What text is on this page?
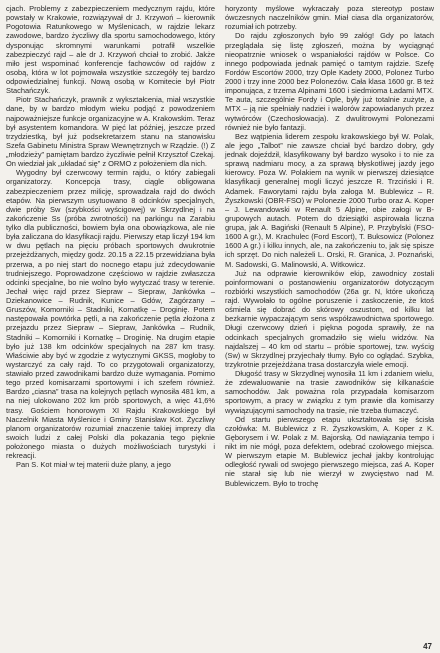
cjach. Problemy z zabezpieczeniem medycznym rajdu, które powstały w Krakowie, rozwiązywał dr J. Krzywoń – kierownik Pogotowia Ratunkowego w Myślenicach, w rajdzie lekarz zawodowe, bardzo życzliwy dla sportu samochodowego, który dysponując skromnymi warunkami potrafił wszelkie zabezpieczyć rajd – ale dr J. Krzywoń chciał to zrobić. Jakże miło jest wspominać konferencje fachowców od rajdów z osobą, która w lot pojmowała wszystkie szczegóły tej bardzo odpowiedzialnej funkcji. Nową osobą w Komitecie był Piotr Stachańczyk.

Piotr Stachańczyk, prawnik z wykształcenia, miał wszystkie dane, by w bardzo młodym wieku podjąć z powodzeniem najpoważniejsze funkcje organizacyjne w A. Krakowskim. Teraz był asystentem komandora. W pięć lat później, jeszcze przed trzydziestką, był już podsekretarzem stanu na stanowisku Szefa Gabinetu Ministra Spraw Wewnętrznych w Rządzie. (!) Z „młodzieży” pamiętam bardzo życzliwie pełnił Krzysztof Czekaj. On wiedział jak „układać się” z ORMO z położeniem dla nich.

Wygodny był czerwcowy termin rajdu, o który zabiegali organizatorzy. Koncepcja trasy, ciągle obligowana zabezpieczeniem przez milicję, sprowadzała rajd do dwóch etapów. Na pierwszym usytuowano 8 odcinków specjalnych, dwie próby Sw (szybkości wyścigowej) w Skrzydlnej i na zakończenie Ss (próba zwrotności) na parkingu na Zarabiu tylko dla publiczności, bowiem była ona obowiązkowa, ale nie była zaliczana do klasyfikacji rajdu. Pierwszy etap liczył 194 km w dwu pętlach na pięciu próbach sportowych dwukrotnie przejeżdżanych, między godz. 20.15 a 22.15 przewidziana była przerwa, a po niej start do nocnego etapu już zdecydowanie trudniejszego. Poprowadzone częściowo w rajdzie zwłaszcza odcinki specjalne, bo nie wolno było wytyczać trasy w terenie. Jechał więc rajd przez Siepraw – Siepraw, Jankówka – Dziekanowice – Rudnik, Kunice – Gdów, Zagórzany – Gruszów, Komorniki – Stadniki, Kornatkę – Droginię. Potem następowała powtórka pętli, a na zakończenie pętla złożona z przejazdu przez Siepraw – Siepraw, Jankówka – Rudnik, Stadniki – Komorniki i Kornatkę – Droginię. Na drugim etapie było już 138 km odcinków specjalnych na 287 km trasy. Właściwie aby być w zgodzie z wytycznymi GKSS, mogłoby to wystarczyć za cały rajd. To co przygotowali organizatorzy, stawiało przed zawodnikami bardzo duże wymagania. Pomimo tego przed komisarzami sportowymi i ich szefem również. Bardzo „ciasna” trasa na kolejnych pętlach wynosiła 481 km, a na niej ulokowano 202 km prób sportowych, a więc 41,6% trasy. Gościem honorowym XI Rajdu Krakowskiego był Naczelnik Miasta Myślenice i Gminy Stanisław Kot. Życzliwy planom organizatorów rozumiał znaczenie takiej imprezy dla swoich ludzi z całej Polski dla pokazania tego pięknie położonego miasta o dużych możliwościach turystyki i rekreacji.

Pan S. Kot miał w tej materii duże plany, a jego

horyzonty myślowe wykraczały poza stereotyp postaw ówczesnych naczelników gmin. Miał ciasa dla organizatorów, rozumiał ich potrzeby.

Do rajdu zgłoszonych było 99 załóg! Gdy po latach przeglądała się listę zgłoszeń, można by wyciągnąć nieopatrznie wniosek o wspaniałości rajdów w Polsce. Co innego podpowiada jednak pamięć o tamtym rajdzie. Szefę Fordów Escortów 2000, trzy Ople Kadety 2000, Polonez Turbo 2000 i trzy inne 2000 bez Polonezów. Cała klasa 1600 gr. B też imponująca, z trzema Alpinami 1600 i siedmioma Ładami MTX. Te auta, szczególnie Fordy i Ople, były już totalnie zużyte, a MTX – ją nie spełniały nadziei i walorów zapowiadanych przez wytwórców (Czechosłowacja). Z dwulitrowymi Polonezami również nie było fantazji.

Bez wątpienia liderem zespołu krakowskiego był W. Polak, ale jego „Talbot” nie zawsze chciał być bardzo dobry, gdy jednak dojeździł, klasyfikowany był bardzo wysoko i to nie za sprawą nadmiaru mocy, a za sprawą błyskotliwej jazdy jego kierowcy. Poza W. Polakiem na wynik w pierwszej dziesiątce klasyfikacji generalnej mogli liczyć jeszcze R. Trzciński i R. Adamek. Faworytami rajdu była załoga M. Bublewicz – R. Żyszkowski (OBR-FSO) w Polonezie 2000 Turbo oraz A. Koper – J. Lewandowski w Renault 5 Alpine, obie załogi w B- grupowych autach. Potem do dziesiątki aspirowała liczna grupa, jak A. Bagiński (Renault 5 Alpine), P. Przybylski (FSO-1600 A gr.), M. Krachulec (Ford Escort), T. Buksowicz (Polonez 1600 A gr.) i kilku innych, ale, na zakończeniu to, jak się spisze ich sprzęt. Do nich należeli L. Orski, R. Granica, J. Poznański, M. Sadowski, G. Malinowski, A. Witkowicz.

Już na odprawie kierowników ekip, zawodnicy zostali poinformowani o postanowieniu organizatorów dotyczącym rozbiórki wszystkich samochodów (26a gr. N, które ukończą rajd. Wywołało to ogólne poruszenie i zaskoczenie, że ktoś ośmiela się dobrać do skórowy oszustom, od kilku lat bezkarnie wypaczającym sens współzawodnictwa sportowego. Długi czerwcowy dzień i piękna pogoda sprawiły, że na odcinkach specjalnych gromadziło się wielu widzów. Na najdalszej – 40 km od startu – próbie sportowej, tzw. wyścig (Sw) w Skrzydlnej przyjechały tłumy. Było co oglądać. Szybka, trzykrotnie przejeżdżana trasa dostarczyła wiele emocji.

Długość trasy w Skrzydlnej wynosiła 11 km i zdaniem wielu, że zdewaluowanie na trasie zawodników się kilkanaście samochodów. Jak poważna rola przypadała komisarzom sportowym, a pracy w związku z tym prawie dla komisarzy wywiązującymi samochody na trasie, nie trzeba tłumaczyć.

Od startu pierwszego etapu ukształtowała się ścisła czołówka: M. Bublewicz z R. Żyszkowskim, A. Koper z K. Gęborysem i W. Polak z M. Bajorską. Od nawiązania tempo i nikt im nie mógł, poza defektem, odebrać czołowego miejsca. W pierwszym etapie M. Bublewicz jechał jakby kontrolując odległość rywali od swojego pierwszego miejsca, zaś A. Koper nie starał się lub nie wierzył w zwycięstwo nad M. Bublewiczem. Było to trochę

47
